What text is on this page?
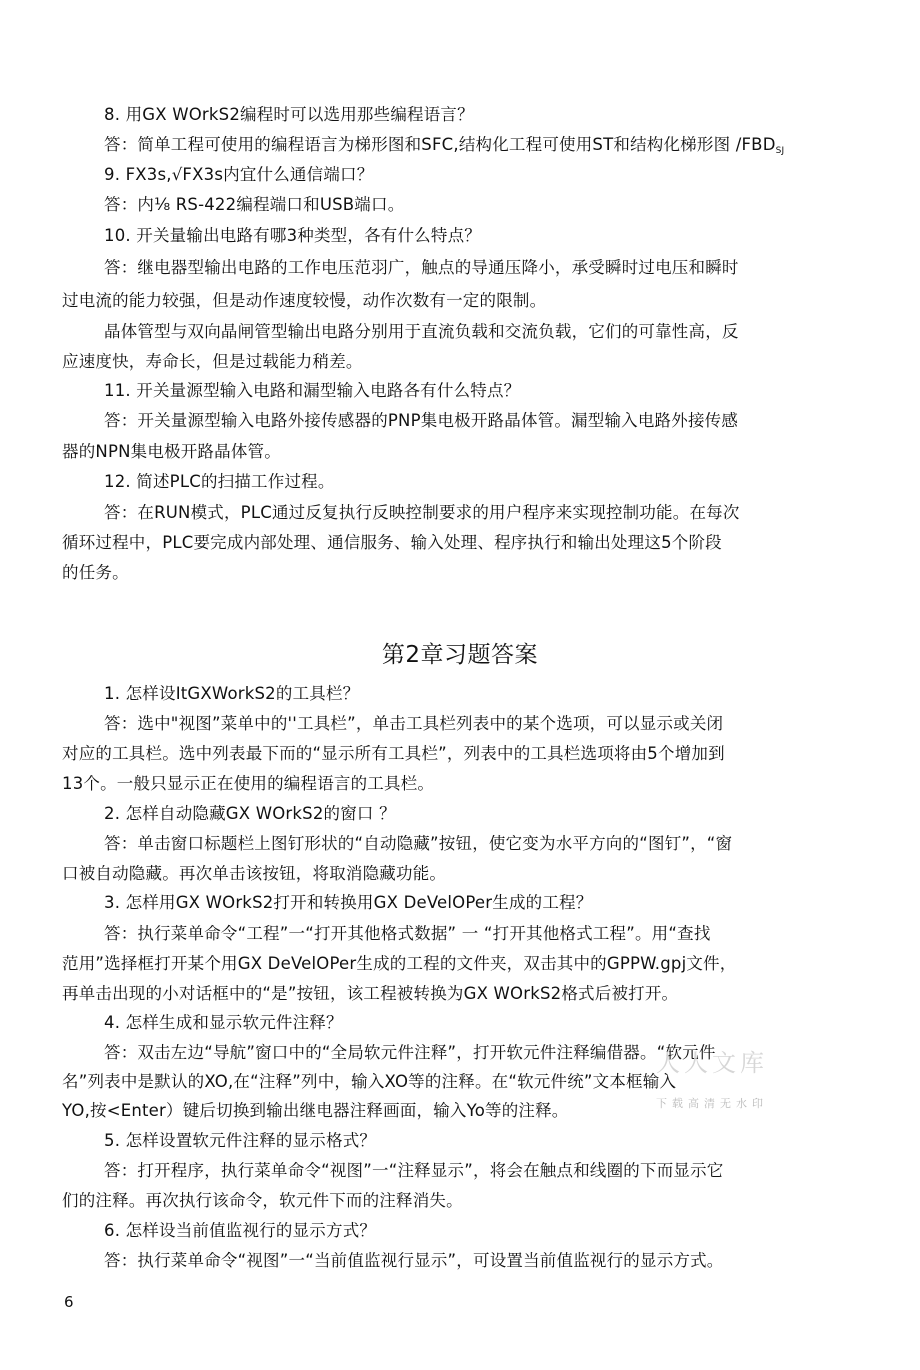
8. 用GX WOrkS2编程时可以选用那些编程语言？
答：简单工程可使用的编程语言为梯形图和SFC,结构化工程可使用ST和结构化梯形图 /FBDSJ
9. FX3s,√FX3s内宜什么通信端口？
答：内⅛ RS-422编程端口和USB端口。
10. 开关量输出电路有哪3种类型，各有什么特点？
答：继电器型输出电路的工作电压范羽广，触点的导通压降小，承受瞬时过电压和瞬时
过电流的能力较强，但是动作速度较慢，动作次数有一定的限制。
晶体管型与双向晶闸管型输出电路分别用于直流负载和交流负载，它们的可靠性高，反
应速度快，寿命长，但是过载能力稍差。
11. 开关量源型输入电路和漏型输入电路各有什么特点？
答：开关量源型输入电路外接传感器的PNP集电极开路晶体管。漏型输入电路外接传感
器的NPN集电极开路晶体管。
12. 简述PLC的扫描工作过程。
答：在RUN模式，PLC通过反复执行反映控制要求的用户程序来实现控制功能。在每次
循环过程中，PLC要完成内部处理、通信服务、输入处理、程序执行和输出处理这5个阶段
的任务。
第2章习题答案
1. 怎样设ItGXWorkS2的工具栏？
答：选中"视图”菜单中的''工具栏”，单击工具栏列表中的某个选项，可以显示或关闭
对应的工具栏。选中列表最下而的“显示所有工具栏”，列表中的工具栏选项将由5个增加到
13个。一般只显示正在使用的编程语言的工具栏。
2. 怎样自动隐藏GX WOrkS2的窗口 ？
答：单击窗口标题栏上图钉形状的“自动隐藏”按钮，使它变为水平方向的“图钉”，“窗
口被自动隐藏。再次单击该按钮，将取消隐藏功能。
3. 怎样用GX WOrkS2打开和转换用GX DeVelOPer生成的工程？
答：执行菜单命令“工程”一“打开其他格式数据” 一 “打开其他格式工程”。用“查找
范用”选择框打开某个用GX DeVelOPer生成的工程的文件夹，双击其中的GPPW.gpj文件，
再单击出现的小对话框中的“是”按钮，该工程被转换为GX WOrkS2格式后被打开。
4. 怎样生成和显示软元件注释？
答：双击左边“导航”窗口中的“全局软元件注释”，打开软元件注释编借器。“软元件
名”列表中是默认的XO,在“注释”列中，输入XO等的注释。在“软元件统”文本框输入
YO,按<Enter）键后切换到输出继电器注释画面，输入Yo等的注释。
5. 怎样设置软元件注释的显示格式？
答：打开程序，执行菜单命令“视图”一“注释显示”，将会在触点和线圈的下而显示它
们的注释。再次执行该命令，软元件下而的注释消失。
6. 怎样设当前值监视行的显示方式？
答：执行菜单命令“视图”一“当前值监视行显示”，可设置当前值监视行的显示方式。
人人文库
下载高清无水印
6
